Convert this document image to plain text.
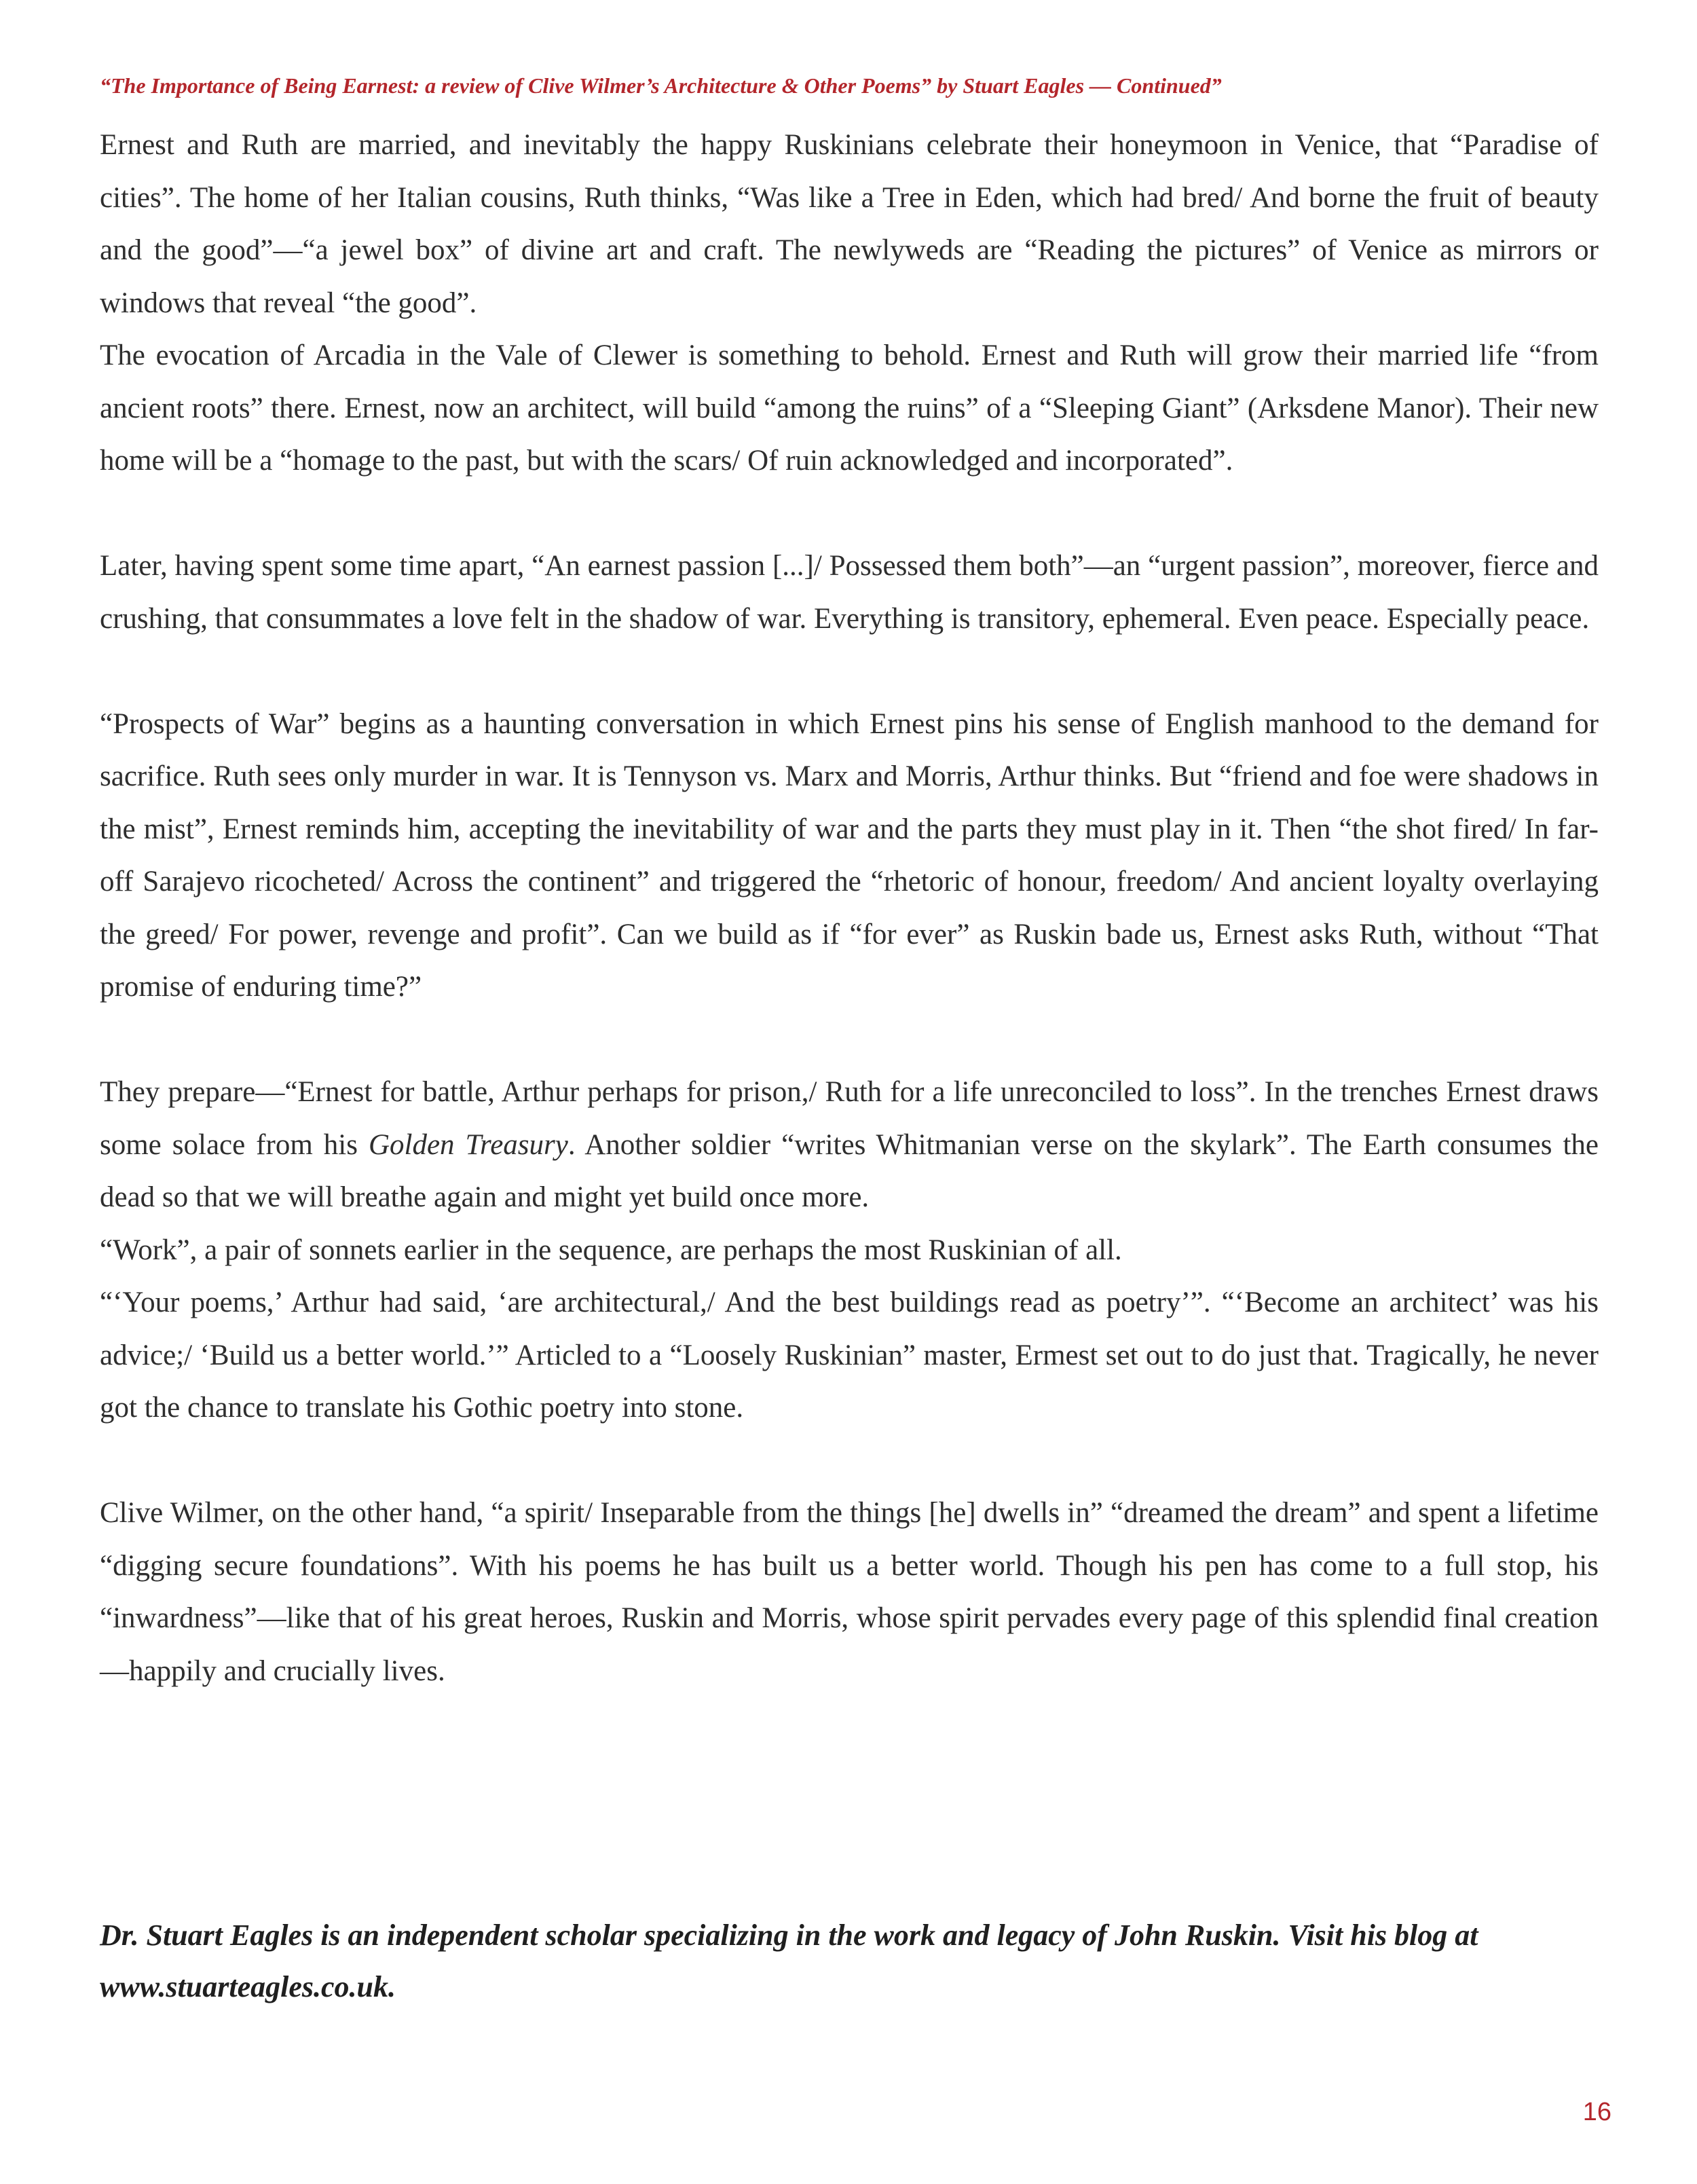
“The Importance of Being Earnest: a review of Clive Wilmer’s Architecture & Other Poems” by Stuart Eagles — Continued”

Ernest and Ruth are married, and inevitably the happy Ruskinians celebrate their honeymoon in Venice, that “Paradise of cities”. The home of her Italian cousins, Ruth thinks, “Was like a Tree in Eden, which had bred/ And borne the fruit of beauty and the good”—“a jewel box” of divine art and craft. The newlyweds are “Reading the pictures” of Venice as mirrors or windows that reveal “the good”.

The evocation of Arcadia in the Vale of Clewer is something to behold. Ernest and Ruth will grow their married life “from ancient roots” there. Ernest, now an architect, will build “among the ruins” of a “Sleeping Giant” (Arksdene Manor). Their new home will be a “homage to the past, but with the scars/ Of ruin acknowledged and incorporated”.

Later, having spent some time apart, “An earnest passion [...]/ Possessed them both”—an “urgent passion”, moreover, fierce and crushing, that consummates a love felt in the shadow of war. Everything is transitory, ephemeral. Even peace. Especially peace.

“Prospects of War” begins as a haunting conversation in which Ernest pins his sense of English manhood to the demand for sacrifice. Ruth sees only murder in war. It is Tennyson vs. Marx and Morris, Arthur thinks. But “friend and foe were shadows in the mist”, Ernest reminds him, accepting the inevitability of war and the parts they must play in it. Then “the shot fired/ In far-off Sarajevo ricocheted/ Across the continent” and triggered the “rhetoric of honour, freedom/ And ancient loyalty overlaying the greed/ For power, revenge and profit”. Can we build as if “for ever” as Ruskin bade us, Ernest asks Ruth, without “That promise of enduring time?”

They prepare—“Ernest for battle, Arthur perhaps for prison,/ Ruth for a life unreconciled to loss”. In the trenches Ernest draws some solace from his Golden Treasury. Another soldier “writes Whitmanian verse on the skylark”. The Earth consumes the dead so that we will breathe again and might yet build once more.

“Work”, a pair of sonnets earlier in the sequence, are perhaps the most Ruskinian of all.

“‘Your poems,’ Arthur had said, ‘are architectural,/ And the best buildings read as poetry’”. “‘Become an architect’ was his advice;/ ‘Build us a better world.’” Articled to a “Loosely Ruskinian” master, Ermest set out to do just that. Tragically, he never got the chance to translate his Gothic poetry into stone.

Clive Wilmer, on the other hand, “a spirit/ Inseparable from the things [he] dwells in” “dreamed the dream” and spent a lifetime “digging secure foundations”. With his poems he has built us a better world. Though his pen has come to a full stop, his “inwardness”—like that of his great heroes, Ruskin and Morris, whose spirit pervades every page of this splendid final creation—happily and crucially lives.

Dr. Stuart Eagles is an independent scholar specializing in the work and legacy of John Ruskin. Visit his blog at www.stuarteagles.co.uk.
16
